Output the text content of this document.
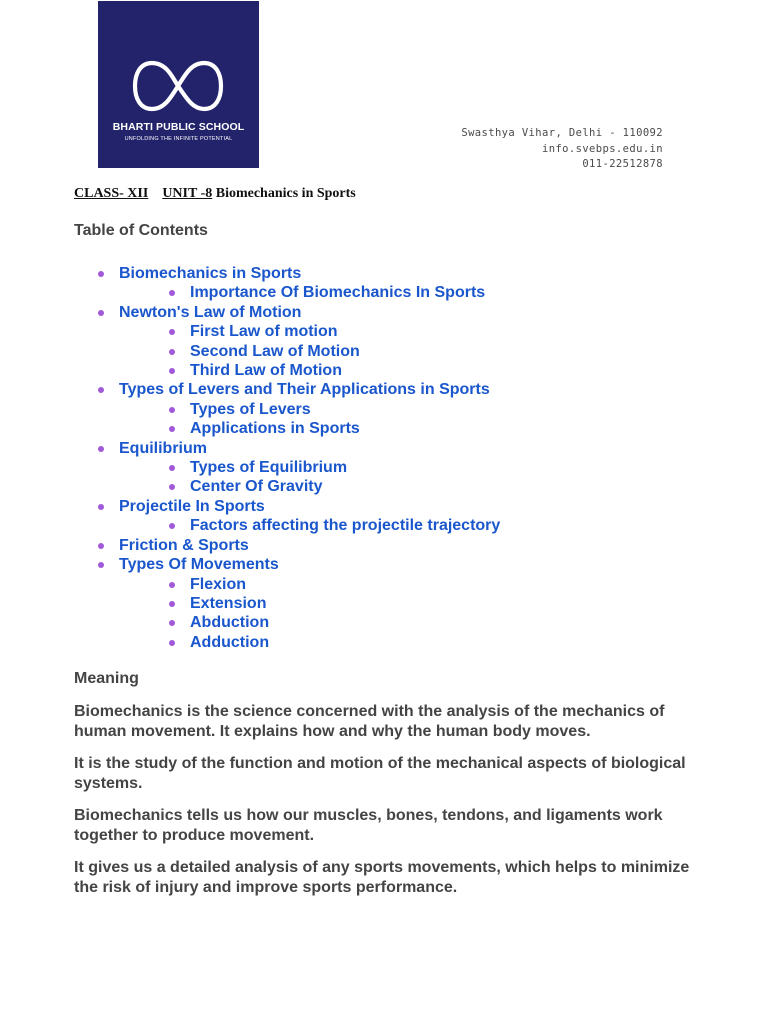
BHARTI PUBLIC SCHOOL
UNFOLDING THE INFINITE POTENTIAL	Swasthya Vihar, Delhi - 110092
info.svebps.edu.in
011-22512878
CLASS- XII UNIT -8 Biomechanics in Sports
Table of Contents
Biomechanics in Sports
Importance Of Biomechanics In Sports
Newton's Law of Motion
First Law of motion
Second Law of Motion
Third Law of Motion
Types of Levers and Their Applications in Sports
Types of Levers
Applications in Sports
Equilibrium
Types of Equilibrium
Center Of Gravity
Projectile In Sports
Factors affecting the projectile trajectory
Friction & Sports
Types Of Movements
Flexion
Extension
Abduction
Adduction
Meaning

Biomechanics is the science concerned with the analysis of the mechanics of human movement. It explains how and why the human body moves.

It is the study of the function and motion of the mechanical aspects of biological systems.

Biomechanics tells us how our muscles, bones, tendons, and ligaments work together to produce movement.

It gives us a detailed analysis of any sports movements, which helps to minimize the risk of injury and improve sports performance.
